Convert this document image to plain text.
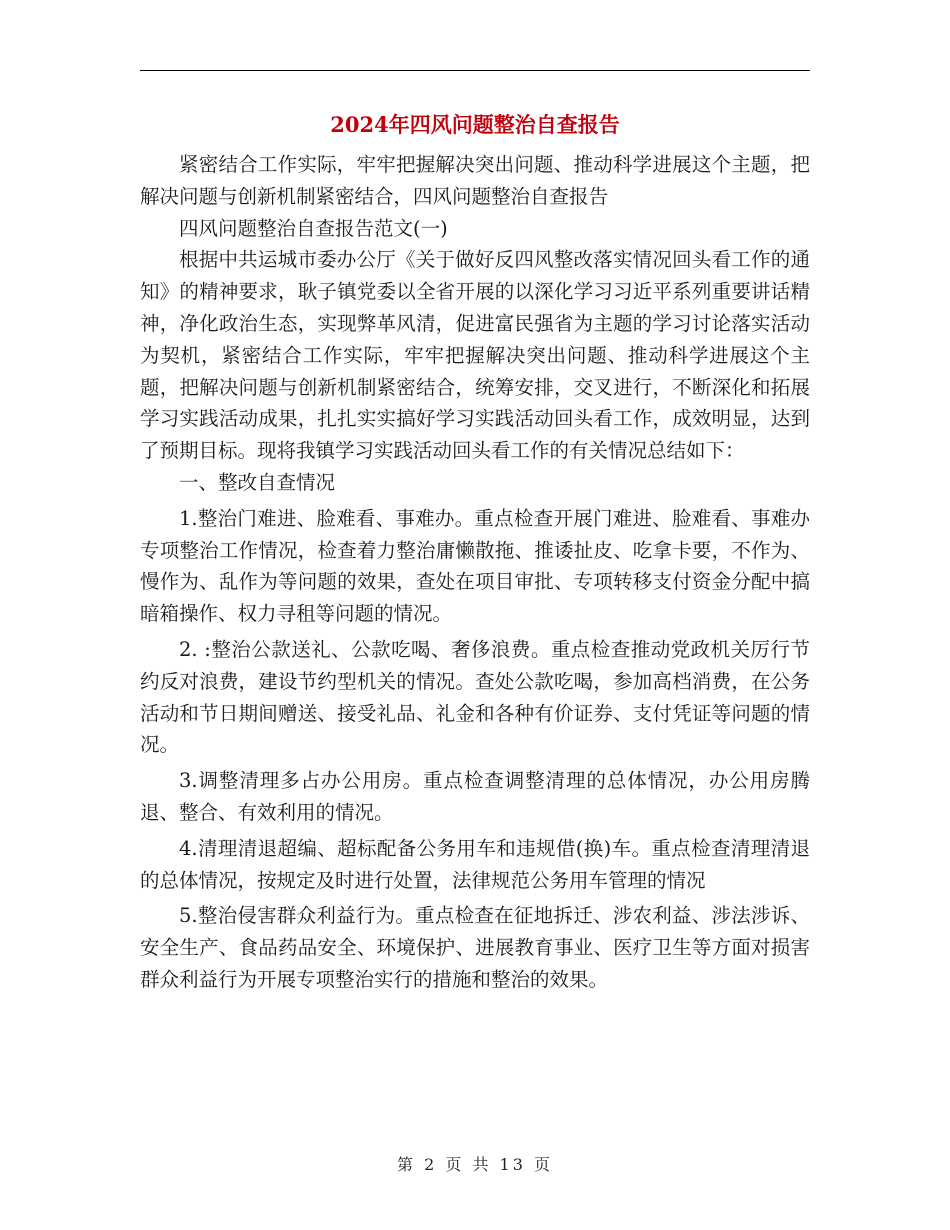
2024年四风问题整治自查报告

紧密结合工作实际，牢牢把握解决突出问题、推动科学进展这个主题，把解决问题与创新机制紧密结合，四风问题整治自查报告

四风问题整治自查报告范文(一)

根据中共运城市委办公厅《关于做好反四风整改落实情况回头看工作的通知》的精神要求，耿子镇党委以全省开展的以深化学习习近平系列重要讲话精神，净化政治生态，实现弊革风清，促进富民强省为主题的学习讨论落实活动为契机，紧密结合工作实际，牢牢把握解决突出问题、推动科学进展这个主题，把解决问题与创新机制紧密结合，统筹安排，交叉进行，不断深化和拓展学习实践活动成果，扎扎实实搞好学习实践活动回头看工作，成效明显，达到了预期目标。现将我镇学习实践活动回头看工作的有关情况总结如下：

一、整改自查情况

1.整治门难进、脸难看、事难办。重点检查开展门难进、脸难看、事难办专项整治工作情况，检查着力整治庸懒散拖、推诿扯皮、吃拿卡要，不作为、慢作为、乱作为等问题的效果，查处在项目审批、专项转移支付资金分配中搞暗箱操作、权力寻租等问题的情况。

2. :整治公款送礼、公款吃喝、奢侈浪费。重点检查推动党政机关厉行节约反对浪费，建设节约型机关的情况。查处公款吃喝，参加高档消费，在公务活动和节日期间赠送、接受礼品、礼金和各种有价证券、支付凭证等问题的情况。

3.调整清理多占办公用房。重点检查调整清理的总体情况，办公用房腾退、整合、有效利用的情况。

4.清理清退超编、超标配备公务用车和违规借(换)车。重点检查清理清退的总体情况，按规定及时进行处置，法律规范公务用车管理的情况

5.整治侵害群众利益行为。重点检查在征地拆迁、涉农利益、涉法涉诉、安全生产、食品药品安全、环境保护、进展教育事业、医疗卫生等方面对损害群众利益行为开展专项整治实行的措施和整治的效果。

第 2 页 共 13 页
